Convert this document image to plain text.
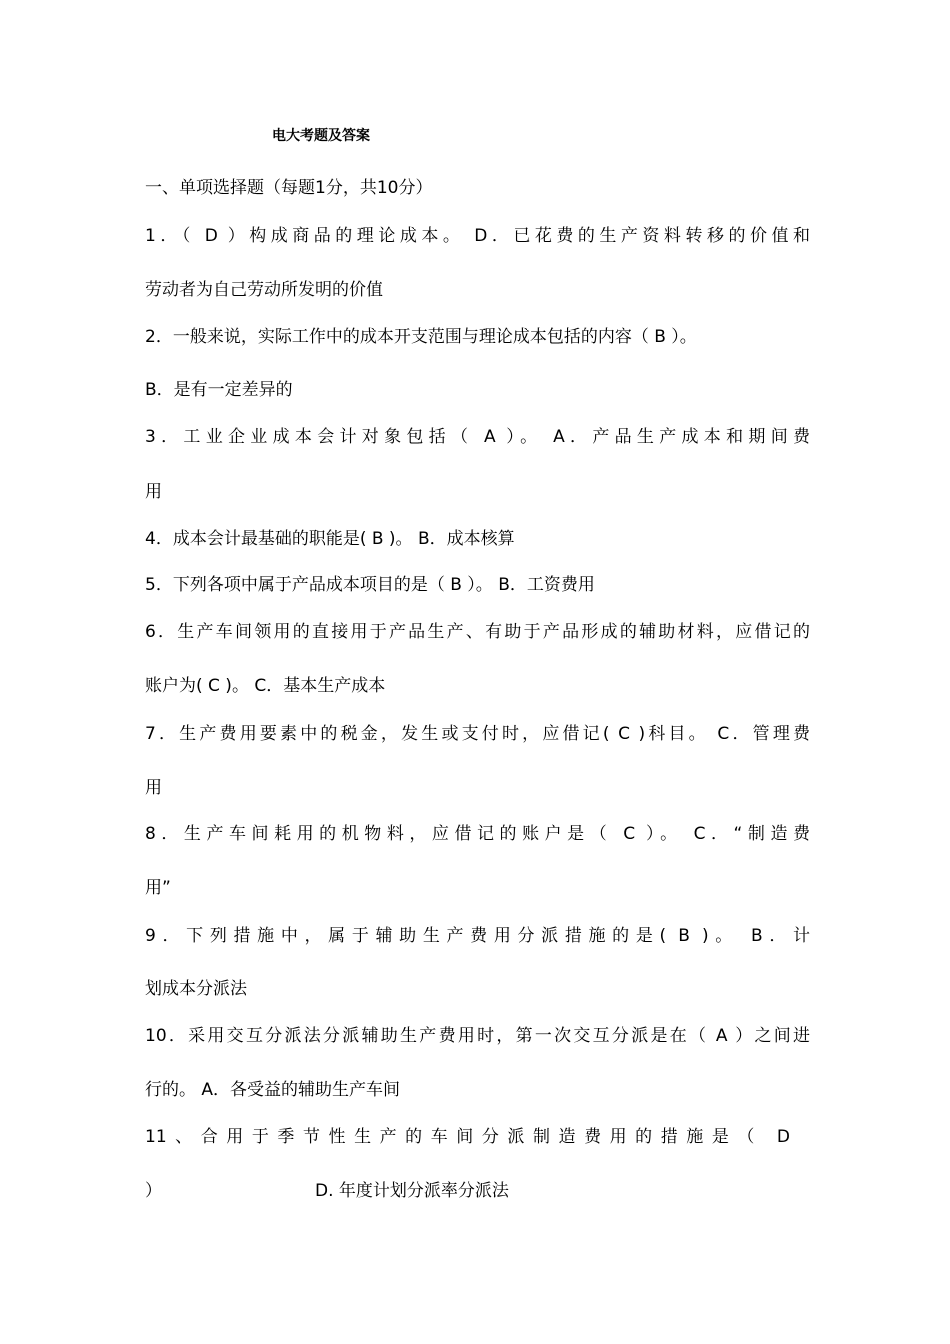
电大考题及答案
一、单项选择题（每题1分，共10分）
1．（ D ）构成商品的理论成本。 D．已花费的生产资料转移的价值和
劳动者为自己劳动所发明的价值
2．一般来说，实际工作中的成本开支范围与理论成本包括的内容（ B ）。
B．是有一定差异的
3．工业企业成本会计对象包括（ A ）。 A．产品生产成本和期间费
用
4．成本会计最基础的职能是( B )。 B．成本核算
5．下列各项中属于产品成本项目的是（ B ）。 B．工资费用
6．生产车间领用的直接用于产品生产、有助于产品形成的辅助材料，应借记的
账户为( C )。 C．基本生产成本
7．生产费用要素中的税金，发生或支付时，应借记( C )科目。 C．管理费
用
8．生产车间耗用的机物料，应借记的账户是（ C ）。 C．“制造费
用”
9．下列措施中，属于辅助生产费用分派措施的是( B )。 B．计
划成本分派法
10．采用交互分派法分派辅助生产费用时，第一次交互分派是在（ A ）之间进
行的。 A．各受益的辅助生产车间
11、合用于季节性生产的车间分派制造费用的措施是（ D
）	D. 年度计划分派率分派法
